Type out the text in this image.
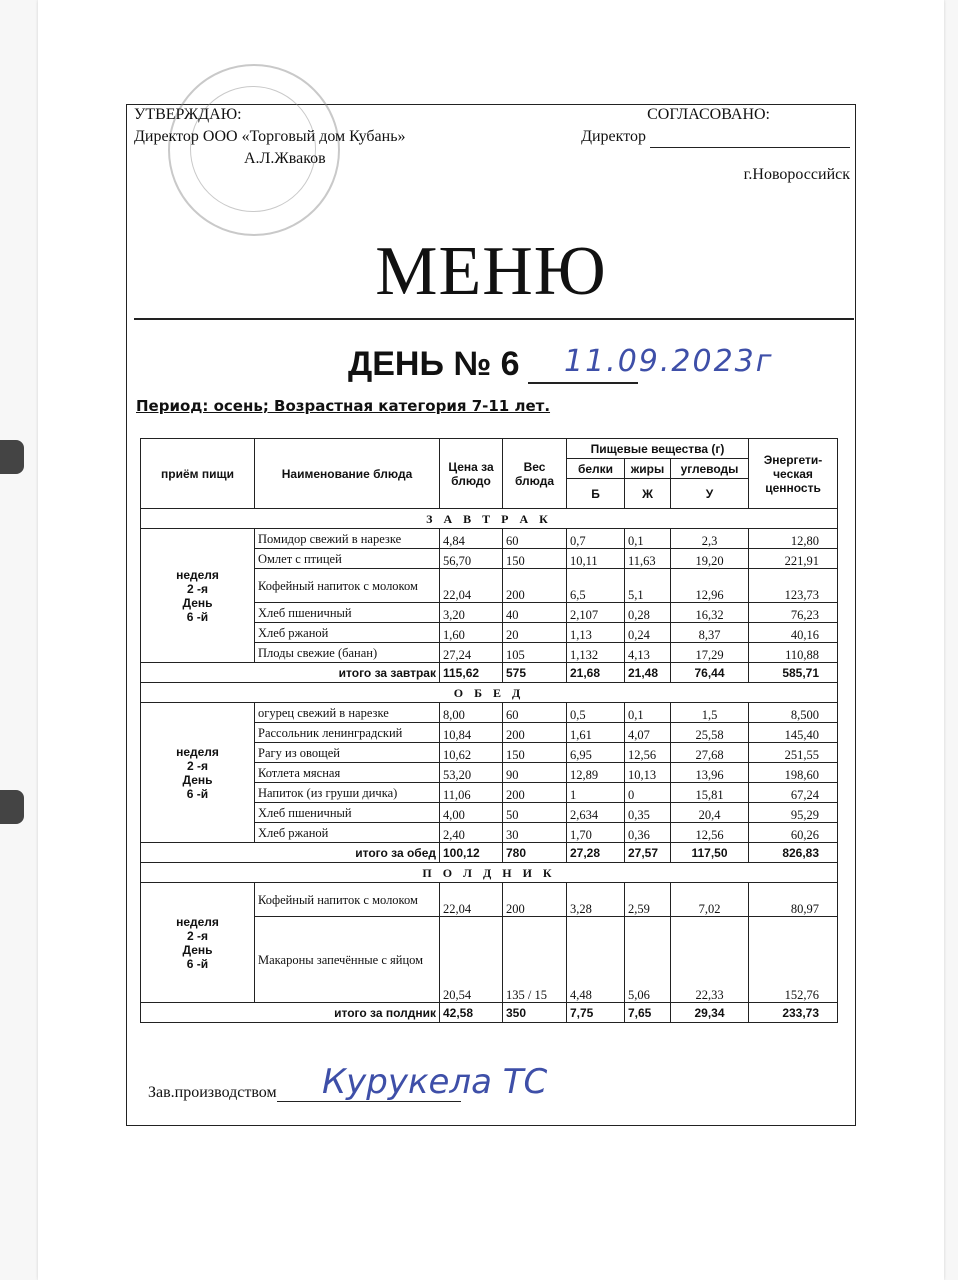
УТВЕРЖДАЮ:
Директор ООО «Торговый дом Кубань»
А.Л.Жваков
СОГЛАСОВАНО:
Директор
г.Новороссийск
МЕНЮ
ДЕНЬ № 6 11.09.2023г
Период: осень; Возрастная категория 7-11 лет.
приём пищи	Наименование блюда	Цена за блюдо	Вес блюда	Пищевые вещества (г)			Энергети-ческая ценность
				белки	жиры	углеводы	
				Б	Ж	У	
З А В Т Р А К							

неделя
2 -я
День
6 -й	Помидор свежий в нарезке	4,84	60	0,7	0,1	2,3	12,80
	Омлет с птицей	56,70	150	10,11	11,63	19,20	221,91
	Кофейный напиток с молоком	22,04	200	6,5	5,1	12,96	123,73
	Хлеб пшеничный	3,20	40	2,107	0,28	16,32	76,23
	Хлеб ржаной	1,60	20	1,13	0,24	8,37	40,16
	Плоды свежие (банан)	27,24	105	1,132	4,13	17,29	110,88
итого за завтрак		115,62	575	21,68	21,48	76,44	585,71
О Б Е Д							

неделя
2 -я
День
6 -й	огурец свежий в нарезке	8,00	60	0,5	0,1	1,5	8,500
	Рассольник ленинградский	10,84	200	1,61	4,07	25,58	145,40
	Рагу из овощей	10,62	150	6,95	12,56	27,68	251,55
	Котлета мясная	53,20	90	12,89	10,13	13,96	198,60
	Напиток (из груши дичка)	11,06	200	1	0	15,81	67,24
	Хлеб пшеничный	4,00	50	2,634	0,35	20,4	95,29
	Хлеб ржаной	2,40	30	1,70	0,36	12,56	60,26
итого за обед		100,12	780	27,28	27,57	117,50	826,83
П О Л Д Н И К							

неделя
2 -я
День
6 -й	Кофейный напиток с молоком	22,04	200	3,28	2,59	7,02	80,97
	Макароны запечённые с яйцом	20,54	135 / 15	4,48	5,06	22,33	152,76
итого за полдник		42,58	350	7,75	7,65	29,34	233,73
Зав.производством	Курукела ТС
